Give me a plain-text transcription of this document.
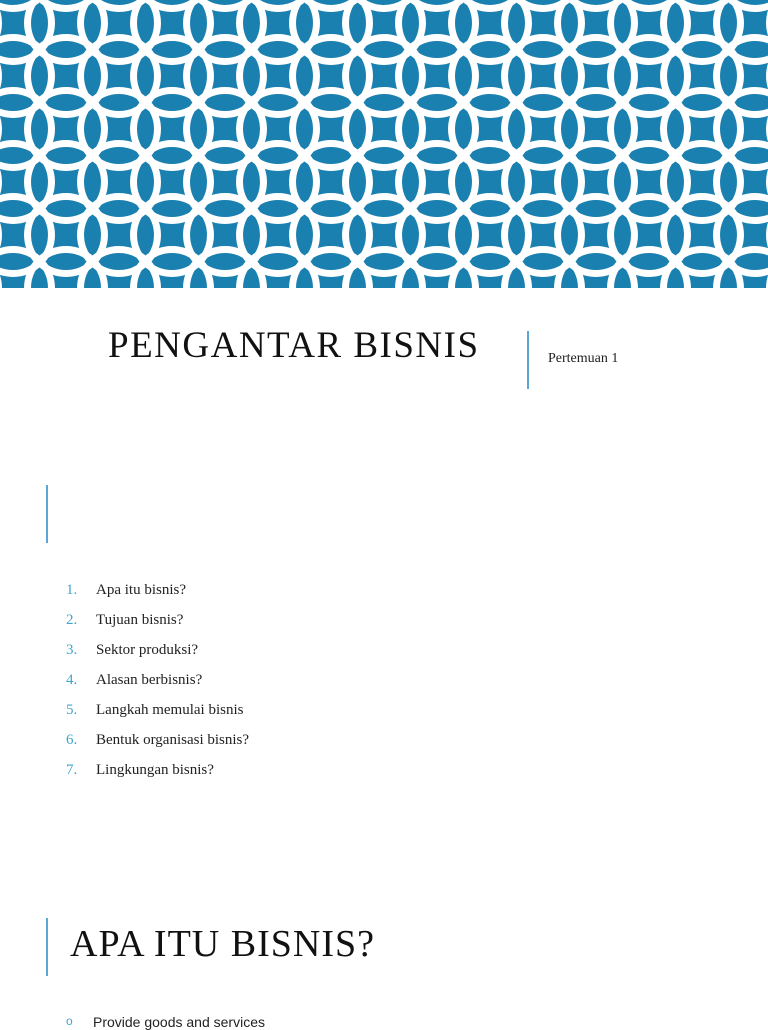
PENGANTAR BISNIS	Pertemuan 1
1.	Apa itu bisnis?
2.	Tujuan bisnis?
3.	Sektor produksi?
4.	Alasan berbisnis?
5.	Langkah memulai bisnis
6.	Bentuk organisasi bisnis?
7.	Lingkungan bisnis?
APA ITU BISNIS?
o	Provide goods and services
